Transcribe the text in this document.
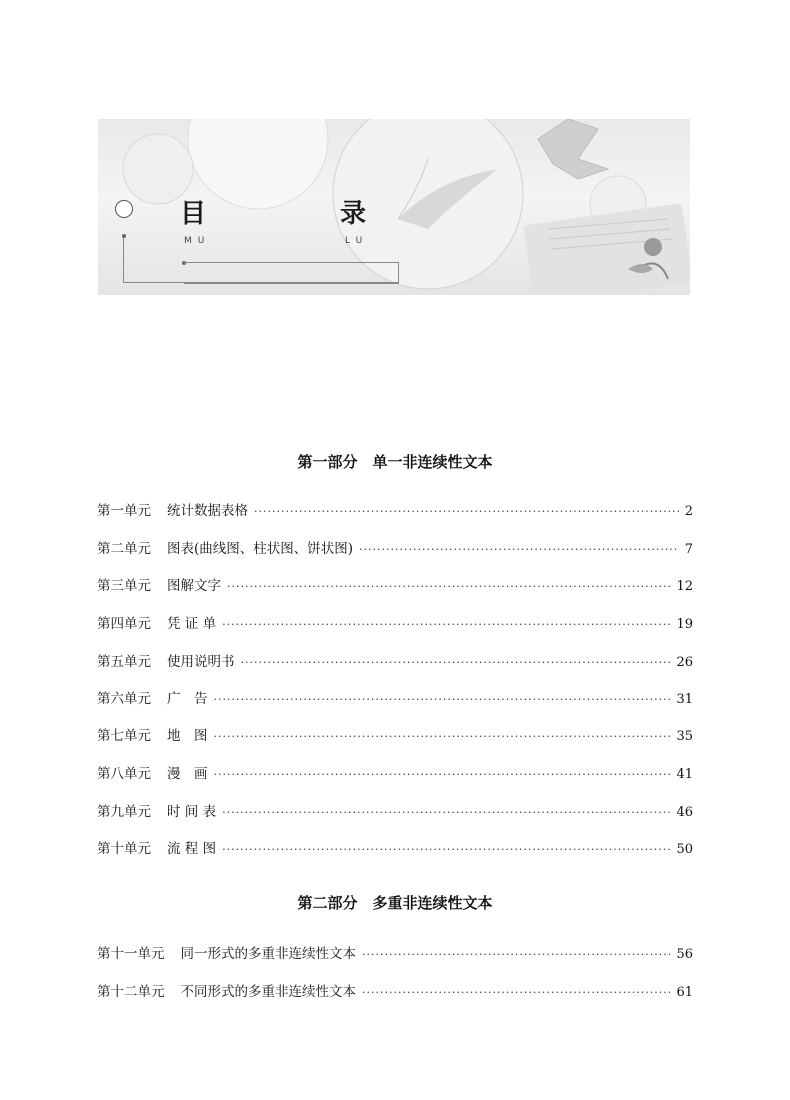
目	录
MU	LU
第一部分　单一非连续性文本
第一单元 统计数据表格 ·····	2
第二单元 图表(曲线图、柱状图、饼状图) ·····	7
第三单元 图解文字 ·····	12
第四单元 凭 证 单 ·····	19
第五单元 使用说明书 ·····	26
第六单元 广　告 ·····	31
第七单元 地　图 ·····	35
第八单元 漫　画 ·····	41
第九单元 时 间 表 ·····	46
第十单元 流 程 图 ·····	50
第二部分　多重非连续性文本
第十一单元 同一形式的多重非连续性文本 ·····	56
第十二单元 不同形式的多重非连续性文本 ·····	61
